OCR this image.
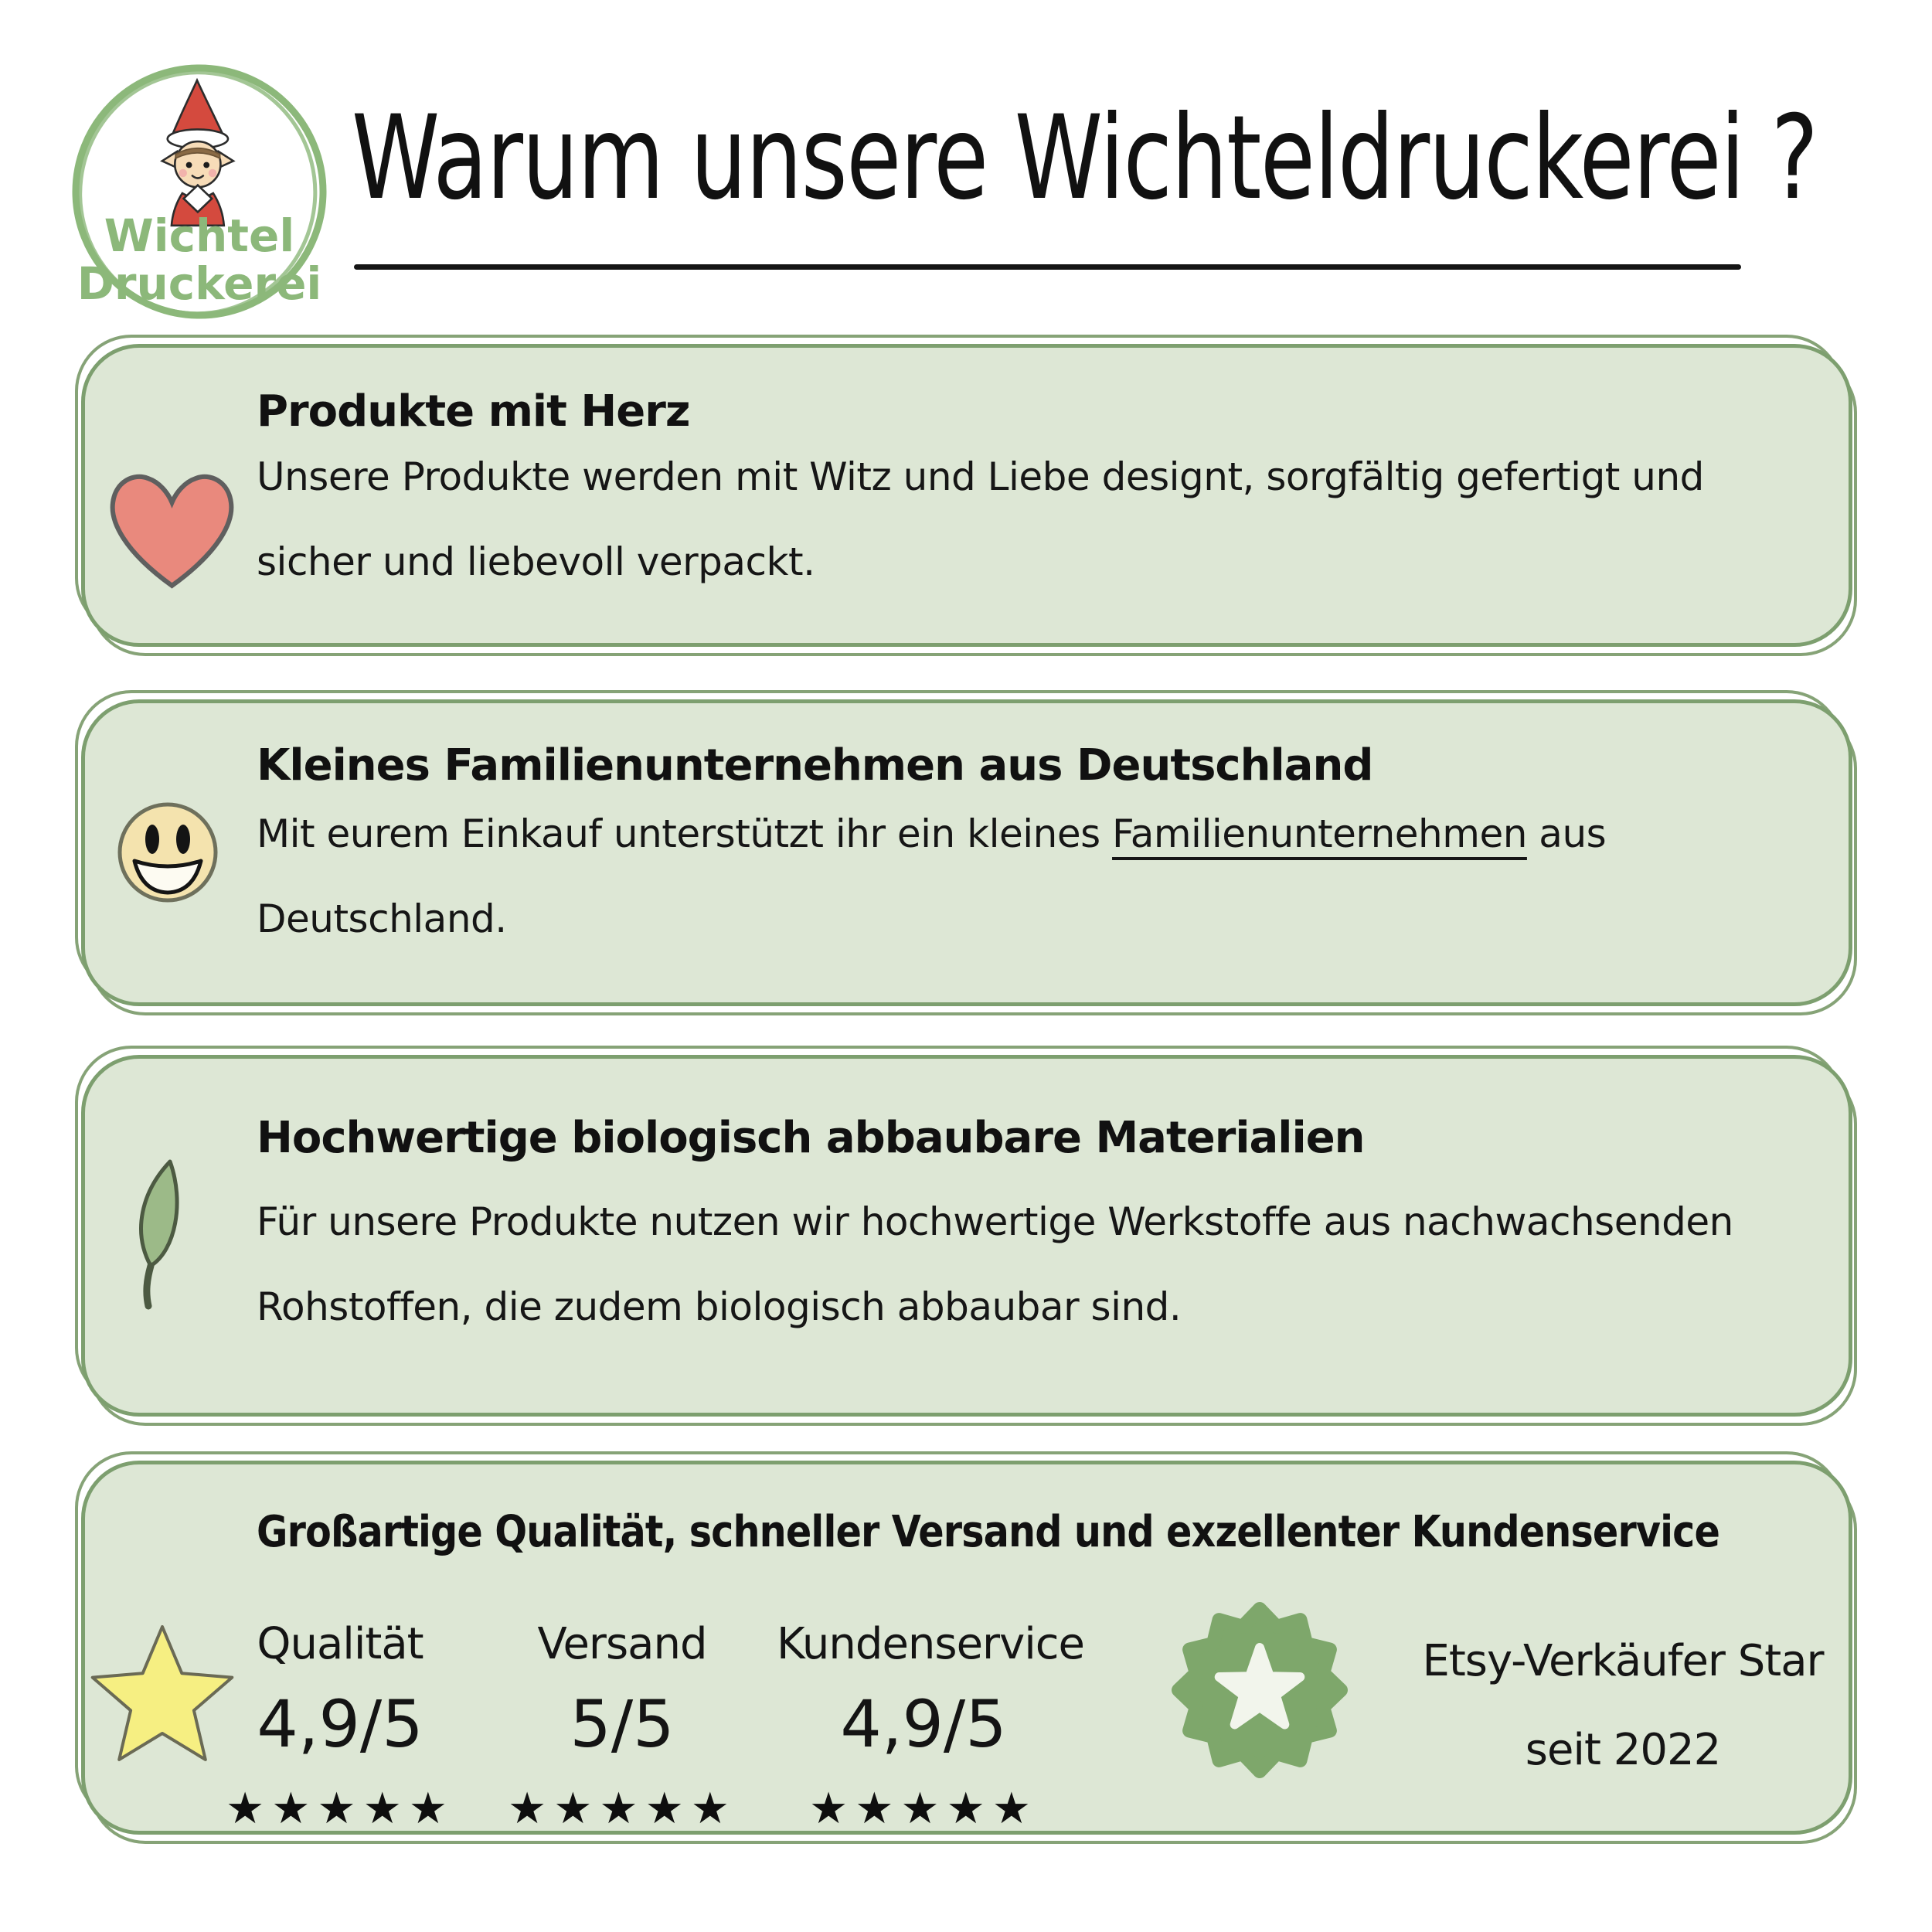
Wichtel
Druckerei
Warum unsere Wichteldruckerei ?
Produkte mit Herz
Unsere Produkte werden mit Witz und Liebe designt, sorgfältig gefertigt und
sicher und liebevoll verpackt.
Kleines Familienunternehmen aus Deutschland
Mit eurem Einkauf unterstützt ihr ein kleines Familienunternehmen aus
Deutschland.
Hochwertige biologisch abbaubare Materialien
Für unsere Produkte nutzen wir hochwertige Werkstoffe aus nachwachsenden
Rohstoffen, die zudem biologisch abbaubar sind.
Großartige Qualität, schneller Versand und exzellenter Kundenservice
Qualität
4,9/5
★★★★★
Versand
5/5
★★★★★
Kundenservice
4,9/5
★★★★★
Etsy-Verkäufer Star
seit 2022
